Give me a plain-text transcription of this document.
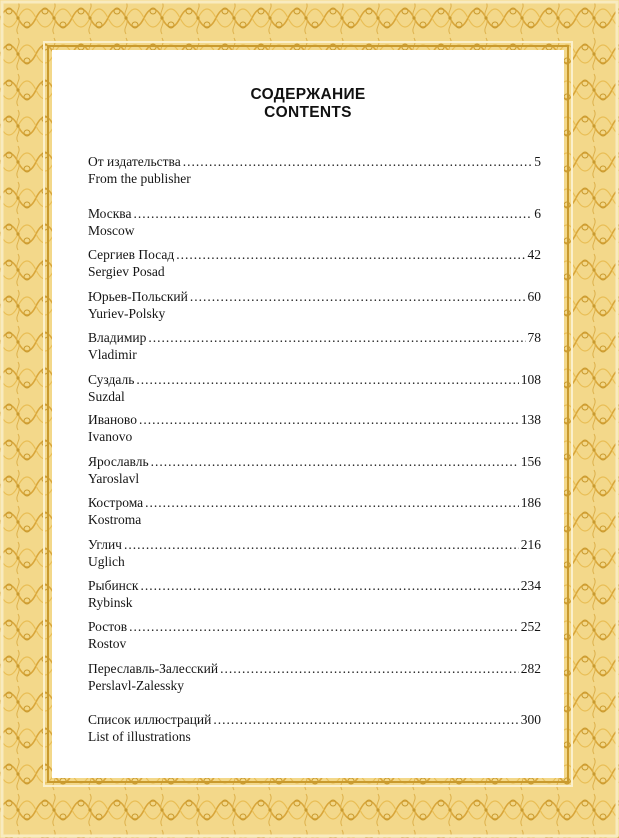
СОДЕРЖАНИЕ
CONTENTS
От издательства .....	5
From the publisher
Москва .....	6
Moscow
Сергиев Посад .....	42
Sergiev Posad
Юрьев-Польский .....	60
Yuriev-Polsky
Владимир .....	78
Vladimir
Суздаль .....	108
Suzdal
Иваново .....	138
Ivanovo
Ярославль .....	156
Yaroslavl
Кострома .....	186
Kostroma
Углич .....	216
Uglich
Рыбинск .....	234
Rybinsk
Ростов .....	252
Rostov
Переславль-Залесский .....	282
Perslavl-Zalessky
Список иллюстраций .....	300
List of illustrations
